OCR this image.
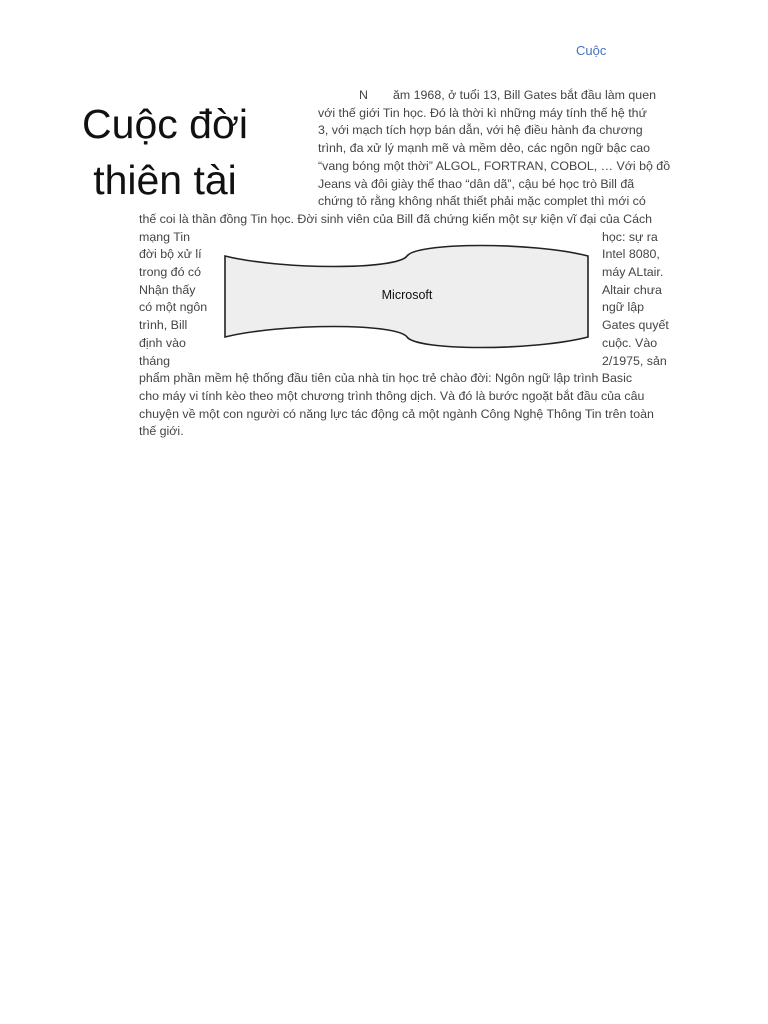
Cuộc
Cuộc đời
thiên tài
N ăm 1968, ở tuổi 13, Bill Gates bắt đầu làm quen
với thế giới Tin học. Đó là thời kì những máy tính thế hệ thứ
3, với mạch tích hợp bán dẫn, với hệ điều hành đa chương
trình, đa xử lý mạnh mẽ và mềm dẻo, các ngôn ngữ bậc cao
“vang bóng một thời” ALGOL, FORTRAN, COBOL, … Với bộ đồ
Jeans và đôi giày thể thao “dân dã”, cậu bé học trò Bill đã
chứng tỏ rằng không nhất thiết phải mặc complet thì mới có
thế coi là thần đồng Tin học. Đời sinh viên của Bill đã chứng kiến một sự kiện vĩ đại của Cách
mạng Tin
đời bộ xử lí
trong đó có
Nhận thấy
có một ngôn
trình, Bill
định vào
tháng
học: sự ra
Intel 8080,
máy ALtair.
Altair chưa
ngữ lập
Gates quyết
cuộc. Vào
2/1975, sản
phẩm phần mềm hệ thống đầu tiên của nhà tin học trẻ chào đời: Ngôn ngữ lập trình Basic
cho máy vi tính kèo theo một chương trình thông dịch. Và đó là bước ngoặt bắt đầu của câu
chuyện về một con người có năng lực tác động cả một ngành Công Nghệ Thông Tin trên toàn
thế giới.
Microsoft
